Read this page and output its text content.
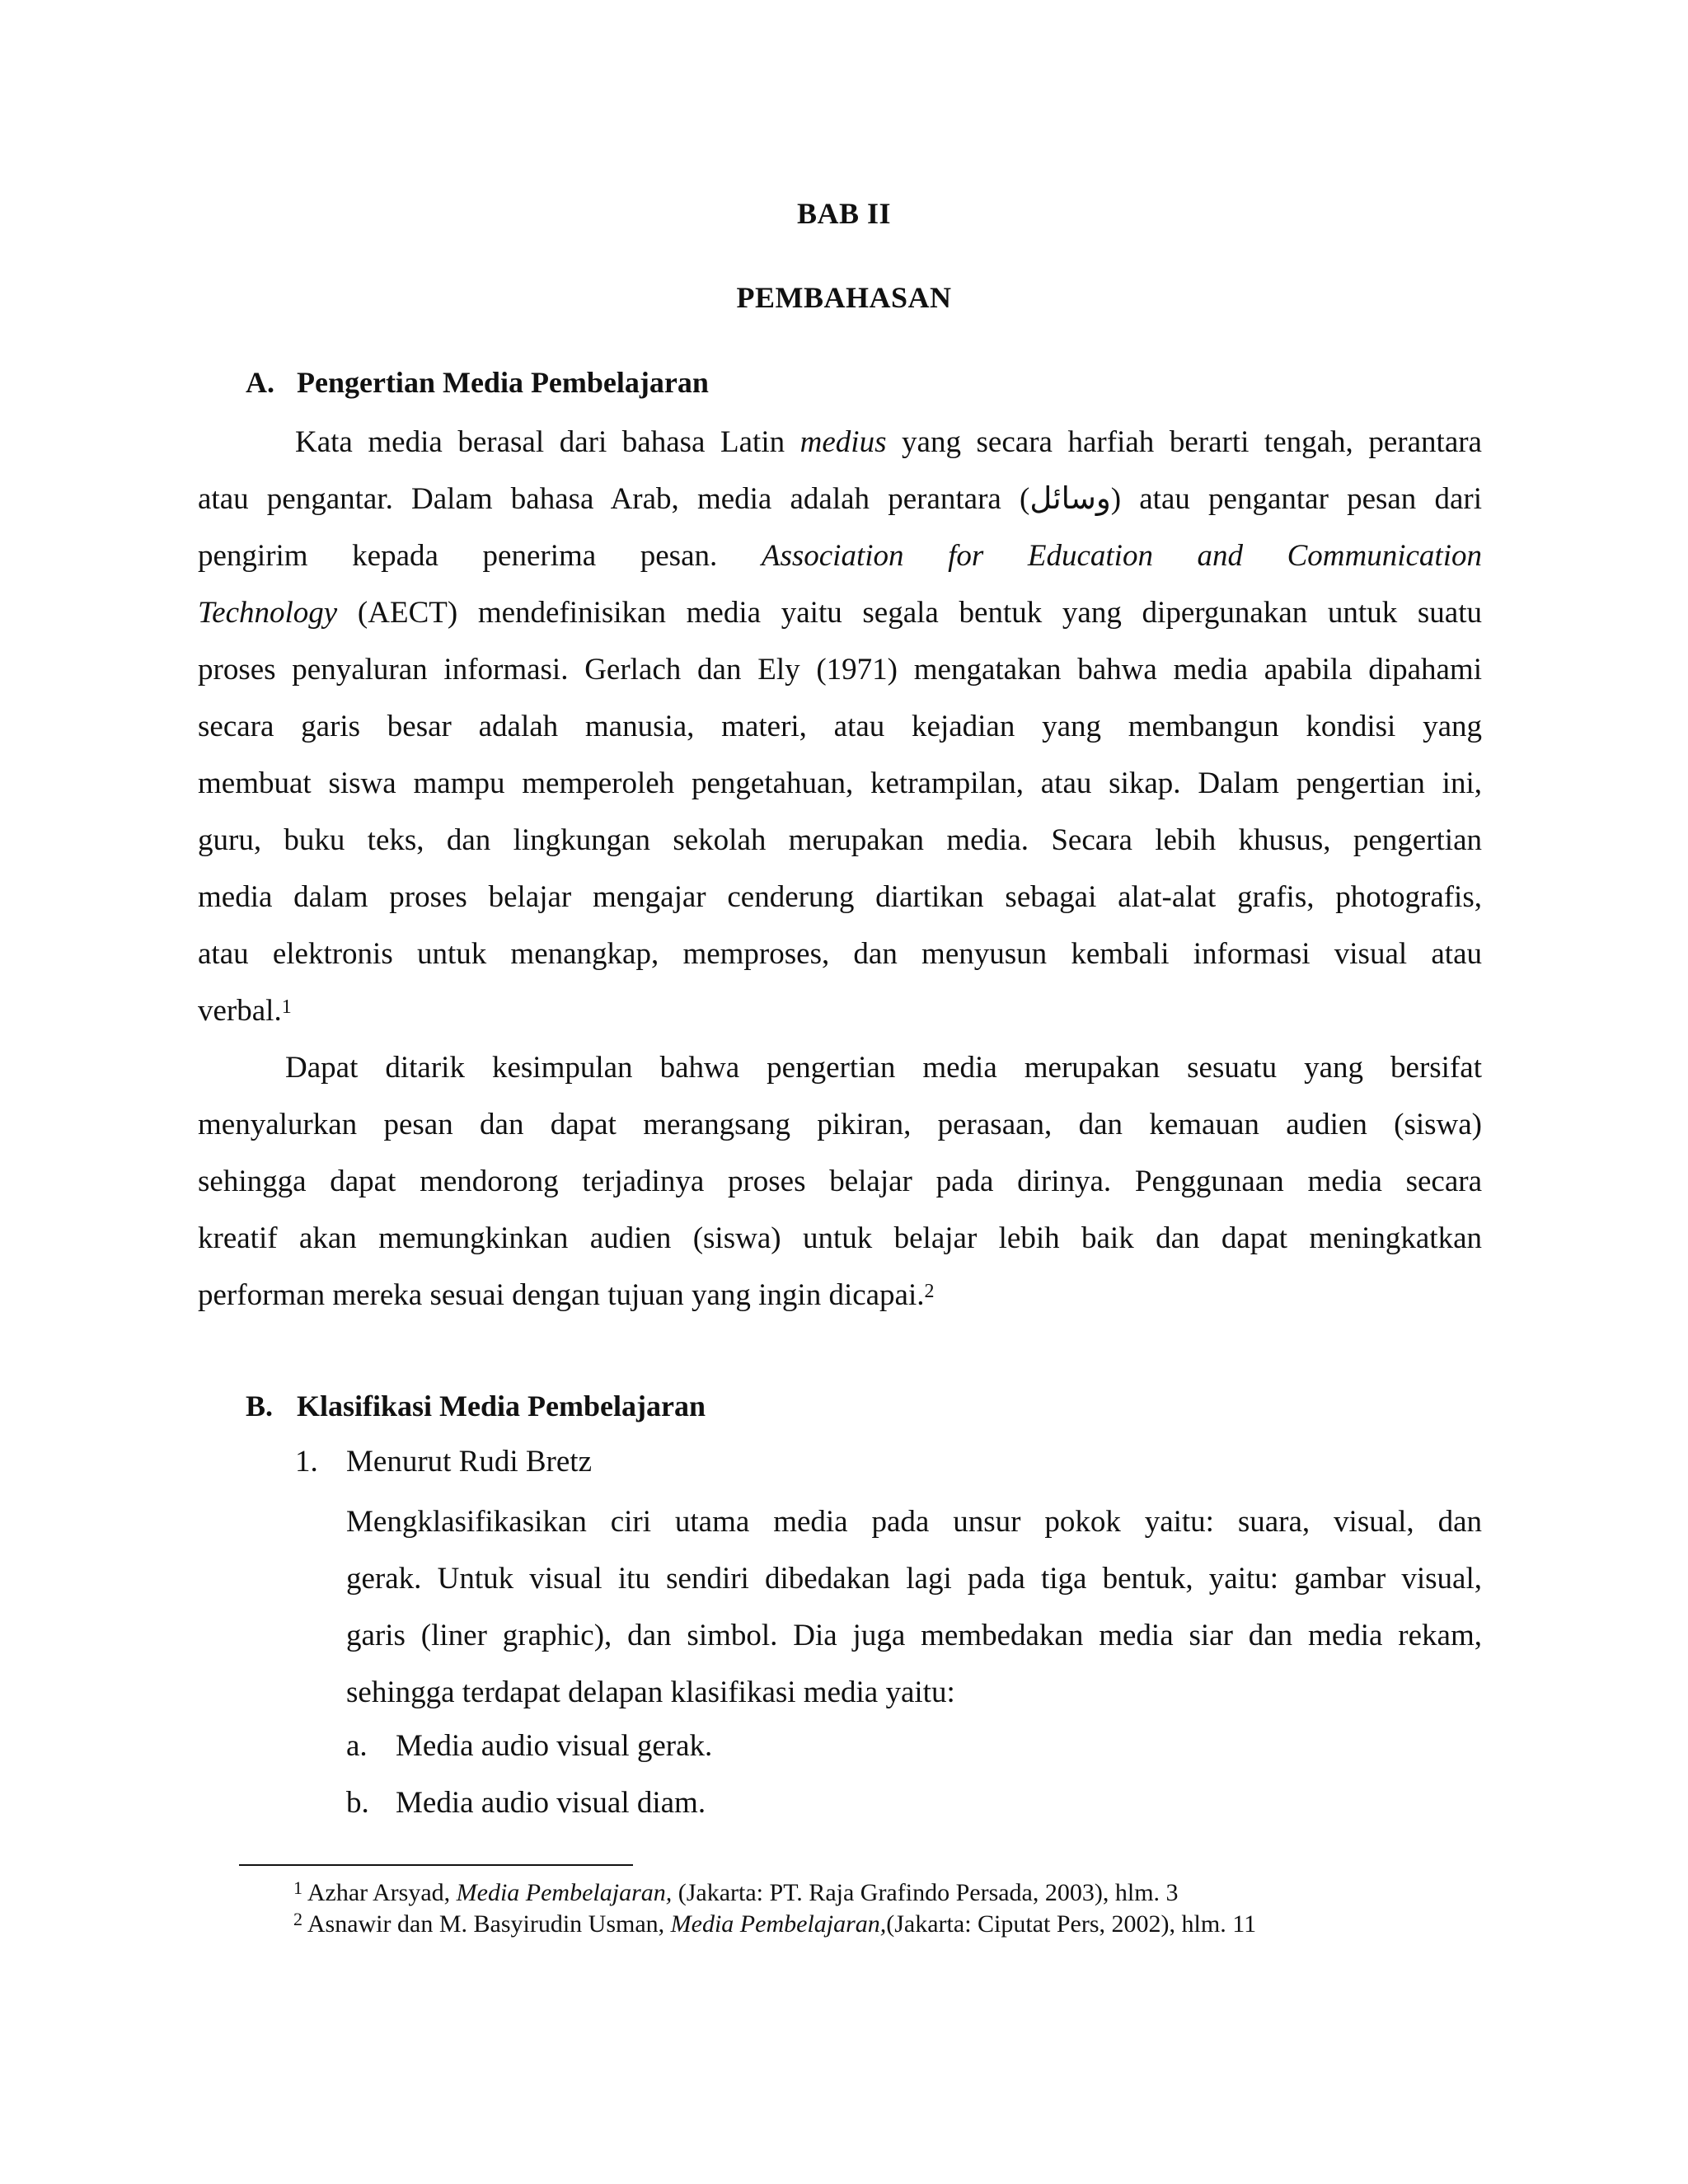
BAB II
PEMBAHASAN
A. Pengertian Media Pembelajaran
Kata media berasal dari bahasa Latin medius yang secara harfiah berarti tengah, perantara
atau pengantar. Dalam bahasa Arab, media adalah perantara (وسائل) atau pengantar pesan dari
pengirim kepada penerima pesan. Association for Education and Communication
Technology (AECT) mendefinisikan media yaitu segala bentuk yang dipergunakan untuk suatu
proses penyaluran informasi. Gerlach dan Ely (1971) mengatakan bahwa media apabila dipahami
secara garis besar adalah manusia, materi, atau kejadian yang membangun kondisi yang
membuat siswa mampu memperoleh pengetahuan, ketrampilan, atau sikap. Dalam pengertian ini,
guru, buku teks, dan lingkungan sekolah merupakan media. Secara lebih khusus, pengertian
media dalam proses belajar mengajar cenderung diartikan sebagai alat-alat grafis, photografis,
atau elektronis untuk menangkap, memproses, dan menyusun kembali informasi visual atau
verbal.$^1$
Dapat ditarik kesimpulan bahwa pengertian media merupakan sesuatu yang bersifat
menyalurkan pesan dan dapat merangsang pikiran, perasaan, dan kemauan audien (siswa)
sehingga dapat mendorong terjadinya proses belajar pada dirinya. Penggunaan media secara
kreatif akan memungkinkan audien (siswa) untuk belajar lebih baik dan dapat meningkatkan
performan mereka sesuai dengan tujuan yang ingin dicapai.$^2$
B. Klasifikasi Media Pembelajaran
1. Menurut Rudi Bretz
Mengklasifikasikan ciri utama media pada unsur pokok yaitu: suara, visual, dan
gerak. Untuk visual itu sendiri dibedakan lagi pada tiga bentuk, yaitu: gambar visual,
garis (liner graphic), dan simbol. Dia juga membedakan media siar dan media rekam,
sehingga terdapat delapan klasifikasi media yaitu:
a. Media audio visual gerak.
b. Media audio visual diam.
$^1$ Azhar Arsyad, Media Pembelajaran, (Jakarta: PT. Raja Grafindo Persada, 2003), hlm. 3
$^2$ Asnawir dan M. Basyirudin Usman, Media Pembelajaran,(Jakarta: Ciputat Pers, 2002), hlm. 11
